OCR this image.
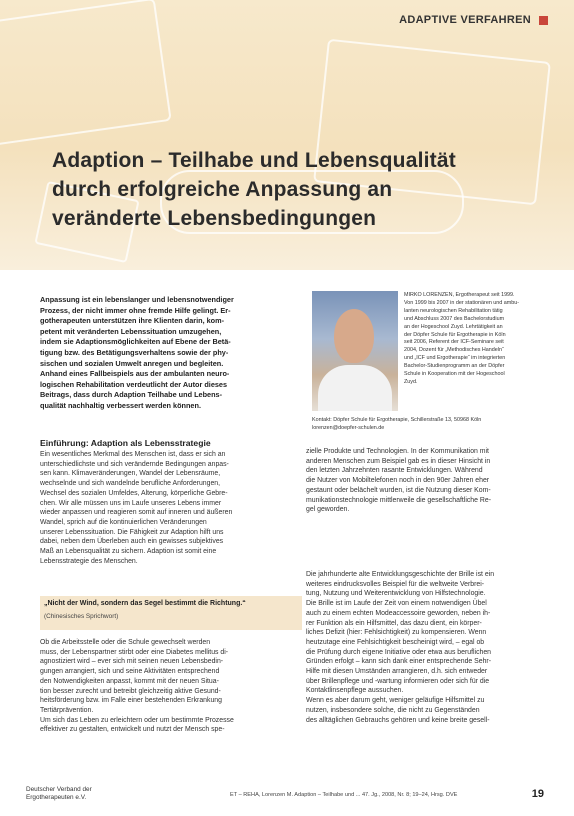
ADAPTIVE VERFAHREN
Adaption – Teilhabe und Lebensqualität
durch erfolgreiche Anpassung an
veränderte Lebensbedingungen
Anpassung ist ein lebenslanger und lebensnotwendiger
Prozess, der nicht immer ohne fremde Hilfe gelingt. Er-
gotherapeuten unterstützen ihre Klienten darin, kom-
petent mit veränderten Lebenssituation umzugehen,
indem sie Adaptionsmöglichkeiten auf Ebene der Betä-
tigung bzw. des Betätigungsverhaltens sowie der phy-
sischen und sozialen Umwelt anregen und begleiten.
Anhand eines Fallbeispiels aus der ambulanten neuro-
logischen Rehabilitation verdeutlicht der Autor dieses
Beitrags, dass durch Adaption Teilhabe und Lebens-
qualität nachhaltig verbessert werden können.
MIRKO LORENZEN, Ergotherapeut seit 1999.
Von 1999 bis 2007 in der stationären und ambu-
lanten neurologischen Rehabilitation tätig
und Abschluss 2007 des Bachelorstudium
an der Hogeschool Zuyd. Lehrtätigkeit an
der Döpfer Schule für Ergotherapie in Köln
seit 2006, Referent der ICF-Seminare seit
2004, Dozent für „Methodisches Handeln“
und „ICF und Ergotherapie“ im integrierten
Bachelor-Studienprogramm an der Döpfer
Schule in Kooperation mit der Hogeschool
Zuyd.
Kontakt: Döpfer Schule für Ergotherapie, Schillerstraße 13, 50968 Köln
lorenzen@doepfer-schulen.de
Einführung: Adaption als Lebensstrategie
Ein wesentliches Merkmal des Menschen ist, dass er sich an
unterschiedlichste und sich verändernde Bedingungen anpas-
sen kann. Klimaveränderungen, Wandel der Lebensräume,
wechselnde und sich wandelnde berufliche Anforderungen,
Wechsel des sozialen Umfeldes, Alterung, körperliche Gebre-
chen. Wir alle müssen uns im Laufe unseres Lebens immer
wieder anpassen und reagieren somit auf inneren und äußeren
Wandel, sprich auf die kontinuierlichen Veränderungen
unserer Lebenssituation. Die Fähigkeit zur Adaption hilft uns
dabei, neben dem Überleben auch ein gewisses subjektives
Maß an Lebensqualität zu sichern. Adaption ist somit eine
Lebensstrategie des Menschen.
„Nicht der Wind, sondern das Segel bestimmt die Richtung.“
(Chinesisches Sprichwort)
Ob die Arbeitsstelle oder die Schule gewechselt werden
muss, der Lebenspartner stirbt oder eine Diabetes mellitus di-
agnostiziert wird – ever sich mit seinen neuen Lebensbedin-
gungen arrangiert, sich und seine Aktivitäten entsprechend
den Notwendigkeiten anpasst, kommt mit der neuen Situa-
tion besser zurecht und betreibt gleichzeitig aktive Gesund-
heitsförderung bzw. im Falle einer bestehenden Erkrankung
Tertiärprävention.
Um sich das Leben zu erleichtern oder um bestimmte Prozesse
effektiver zu gestalten, entwickelt und nutzt der Mensch spe-
zielle Produkte und Technologien. In der Kommunikation mit
anderen Menschen zum Beispiel gab es in dieser Hinsicht in
den letzten Jahrzehnten rasante Entwicklungen. Während
die Nutzer von Mobiltelefonen noch in den 90er Jahren eher
gestaunt oder belächelt wurden, ist die Nutzung dieser Kom-
munikationstechnologie mittlerweile die gesellschaftliche Re-
gel geworden.
Die jahrhunderte alte Entwicklungsgeschichte der Brille ist ein
weiteres eindrucksvolles Beispiel für die weltweite Verbrei-
tung, Nutzung und Weiterentwicklung von Hilfstechnologie.
Die Brille ist im Laufe der Zeit von einem notwendigen Übel
auch zu einem echten Modeaccessoire geworden, neben ih-
rer Funktion als ein Hilfsmittel, das dazu dient, ein körper-
liches Defizit (hier: Fehlsichtigkeit) zu kompensieren. Wenn
heutzutage eine Fehlsichtigkeit bescheinigt wird, – egal ob
die Prüfung durch eigene Initiative oder etwa aus beruflichen
Gründen erfolgt – kann sich dank einer entsprechende Sehr-
Hilfe mit diesen Umständen arrangieren, d.h. sich entweder
über Brillenpflege und -wartung informieren oder sich für die
Kontaktlinsenpflege aussuchen.
Wenn es aber darum geht, weniger geläufige Hilfsmittel zu
nutzen, insbesondere solche, die nicht zu Gegenständen
des alltäglichen Gebrauchs gehören und keine breite gesell-
Deutscher Verband der
Ergotherapeuten e.V.	ET – REHA, Lorenzen M. Adaption – Teilhabe und ... 47. Jg., 2008, Nr. 8; 19–24, Hrsg. DVE	19
